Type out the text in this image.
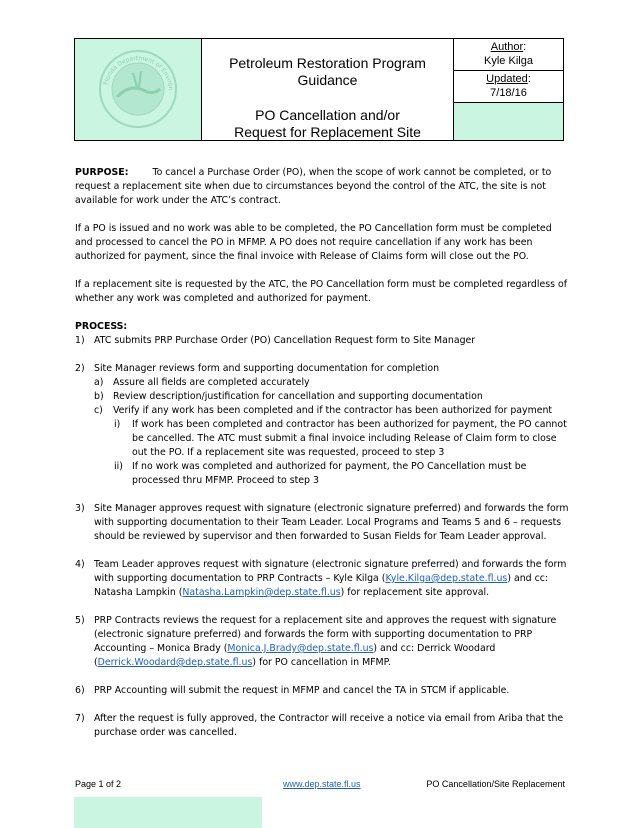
Florida Department of Environ
Petroleum Restoration Program
Guidance
PO Cancellation and/or
Request for Replacement Site
Author:
Kyle Kilga
Updated:
7/18/16

PURPOSE:	To cancel a Purchase Order (PO), when the scope of work cannot be completed, or to request a replacement site when due to circumstances beyond the control of the ATC, the site is not available for work under the ATC’s contract.

If a PO is issued and no work was able to be completed, the PO Cancellation form must be completed and processed to cancel the PO in MFMP. A PO does not require cancellation if any work has been authorized for payment, since the final invoice with Release of Claims form will close out the PO.

If a replacement site is requested by the ATC, the PO Cancellation form must be completed regardless of whether any work was completed and authorized for payment.

PROCESS:
1) ATC submits PRP Purchase Order (PO) Cancellation Request form to Site Manager
2) Site Manager reviews form and supporting documentation for completion
a) Assure all fields are completed accurately
b) Review description/justification for cancellation and supporting documentation
c) Verify if any work has been completed and if the contractor has been authorized for payment
i) If work has been completed and contractor has been authorized for payment, the PO cannot be cancelled. The ATC must submit a final invoice including Release of Claim form to close out the PO. If a replacement site was requested, proceed to step 3
ii) If no work was completed and authorized for payment, the PO Cancellation must be processed thru MFMP. Proceed to step 3
3) Site Manager approves request with signature (electronic signature preferred) and forwards the form with supporting documentation to their Team Leader. Local Programs and Teams 5 and 6 – requests should be reviewed by supervisor and then forwarded to Susan Fields for Team Leader approval.
4) Team Leader approves request with signature (electronic signature preferred) and forwards the form with supporting documentation to PRP Contracts – Kyle Kilga (Kyle.Kilga@dep.state.fl.us) and cc: Natasha Lampkin (Natasha.Lampkin@dep.state.fl.us) for replacement site approval.
5) PRP Contracts reviews the request for a replacement site and approves the request with signature (electronic signature preferred) and forwards the form with supporting documentation to PRP Accounting – Monica Brady (Monica.J.Brady@dep.state.fl.us) and cc: Derrick Woodard (Derrick.Woodard@dep.state.fl.us) for PO cancellation in MFMP.
6) PRP Accounting will submit the request in MFMP and cancel the TA in STCM if applicable.
7) After the request is fully approved, the Contractor will receive a notice via email from Ariba that the purchase order was cancelled.
Page 1 of 2	www.dep.state.fl.us	PO Cancellation/Site Replacement
